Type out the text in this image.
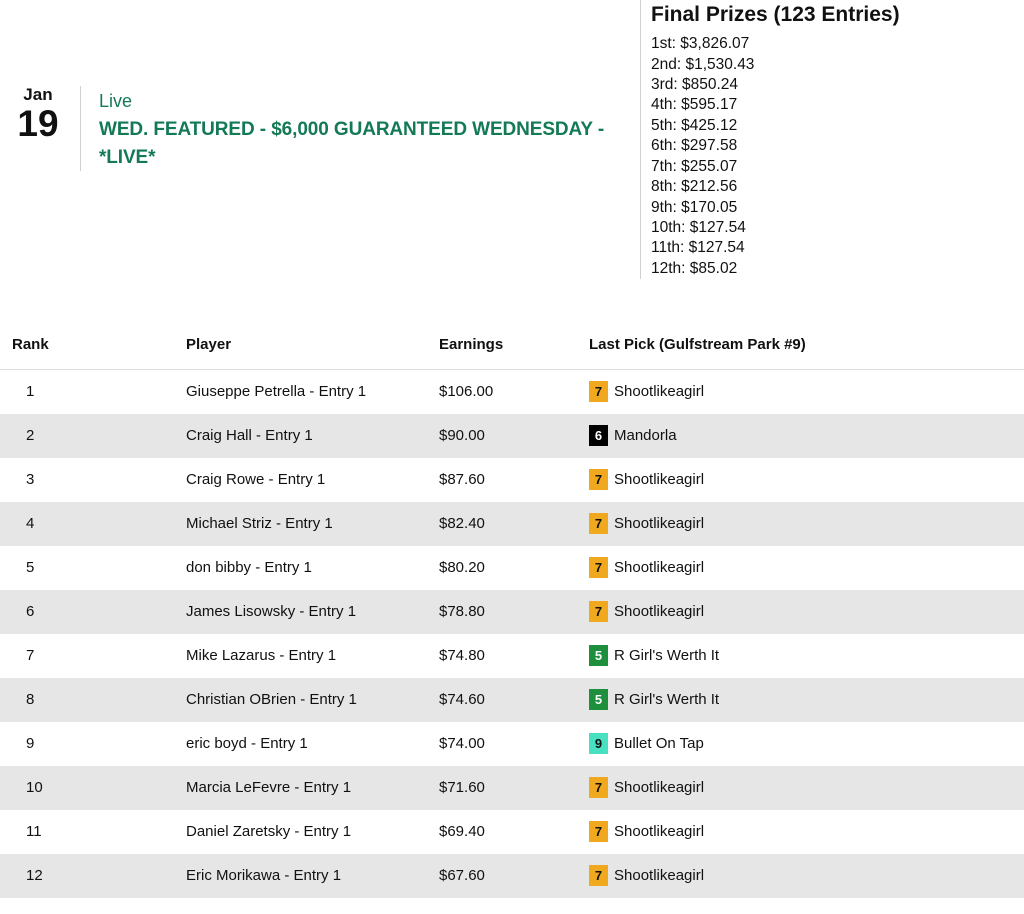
Jan
19
Live
WED. FEATURED - $6,000 GUARANTEED WEDNESDAY - *LIVE*
Final Prizes (123 Entries)
1st: $3,826.07
2nd: $1,530.43
3rd: $850.24
4th: $595.17
5th: $425.12
6th: $297.58
7th: $255.07
8th: $212.56
9th: $170.05
10th: $127.54
11th: $127.54
12th: $85.02
Rank	Player	Earnings	Last Pick (Gulfstream Park #9)
1	Giuseppe Petrella - Entry 1	$106.00	7 Shootlikeagirl

2	Craig Hall - Entry 1	$90.00	6 Mandorla

3	Craig Rowe - Entry 1	$87.60	7 Shootlikeagirl

4	Michael Striz - Entry 1	$82.40	7 Shootlikeagirl

5	don bibby - Entry 1	$80.20	7 Shootlikeagirl

6	James Lisowsky - Entry 1	$78.80	7 Shootlikeagirl

7	Mike Lazarus - Entry 1	$74.80	5 R Girl's Werth It

8	Christian OBrien - Entry 1	$74.60	5 R Girl's Werth It

9	eric boyd - Entry 1	$74.00	9 Bullet On Tap

10	Marcia LeFevre - Entry 1	$71.60	7 Shootlikeagirl

11	Daniel Zaretsky - Entry 1	$69.40	7 Shootlikeagirl

12	Eric Morikawa - Entry 1	$67.60	7 Shootlikeagirl
